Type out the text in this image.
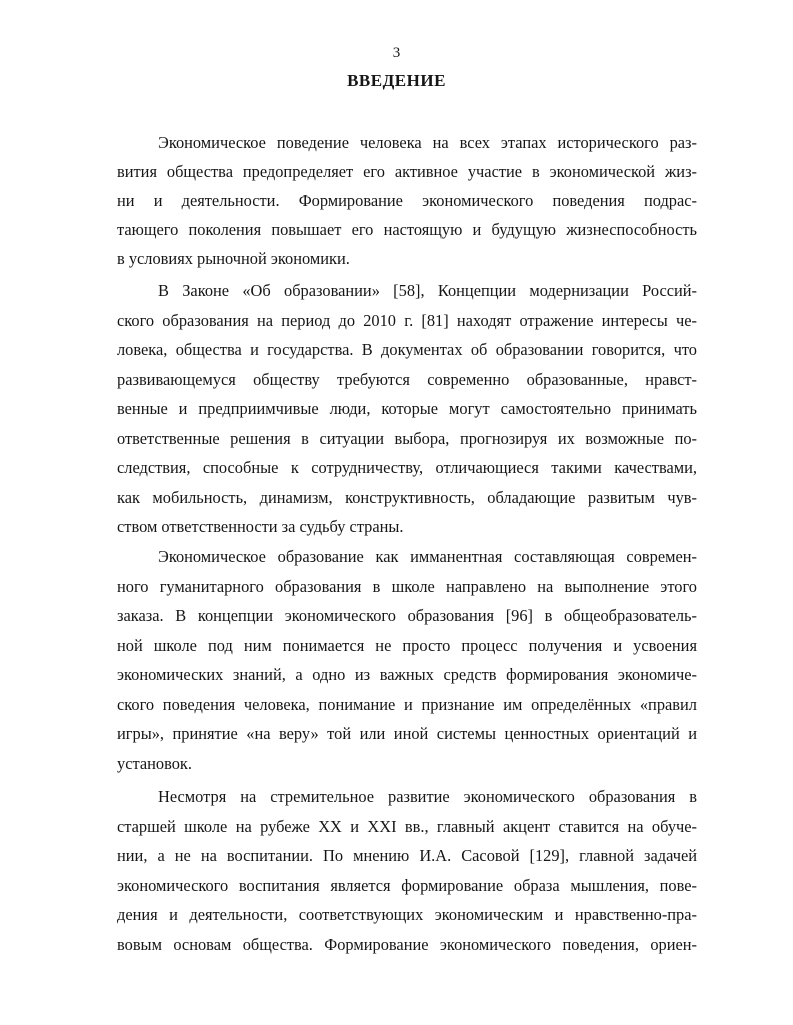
3
ВВЕДЕНИЕ
Экономическое поведение человека на всех этапах исторического раз-
вития общества предопределяет его активное участие в экономической жиз-
ни и деятельности. Формирование экономического поведения подрас-
тающего поколения повышает его настоящую и будущую жизнеспособность
в условиях рыночной экономики.
В Законе «Об образовании» [58], Концепции модернизации Россий-
ского образования на период до 2010 г. [81] находят отражение интересы че-
ловека, общества и государства. В документах об образовании говорится, что
развивающемуся обществу требуются современно образованные, нравст-
венные и предприимчивые люди, которые могут самостоятельно принимать
ответственные решения в ситуации выбора, прогнозируя их возможные по-
следствия, способные к сотрудничеству, отличающиеся такими качествами,
как мобильность, динамизм, конструктивность, обладающие развитым чув-
ством ответственности за судьбу страны.
Экономическое образование как имманентная составляющая современ-
ного гуманитарного образования в школе направлено на выполнение этого
заказа. В концепции экономического образования [96] в общеобразователь-
ной школе под ним понимается не просто процесс получения и усвоения
экономических знаний, а одно из важных средств формирования экономиче-
ского поведения человека, понимание и признание им определённых «правил
игры», принятие «на веру» той или иной системы ценностных ориентаций и
установок.
Несмотря на стремительное развитие экономического образования в
старшей школе на рубеже XX и XXI вв., главный акцент ставится на обуче-
нии, а не на воспитании. По мнению И.А. Сасовой [129], главной задачей
экономического воспитания является формирование образа мышления, пове-
дения и деятельности, соответствующих экономическим и нравственно-пра-
вовым основам общества. Формирование экономического поведения, ориен-
